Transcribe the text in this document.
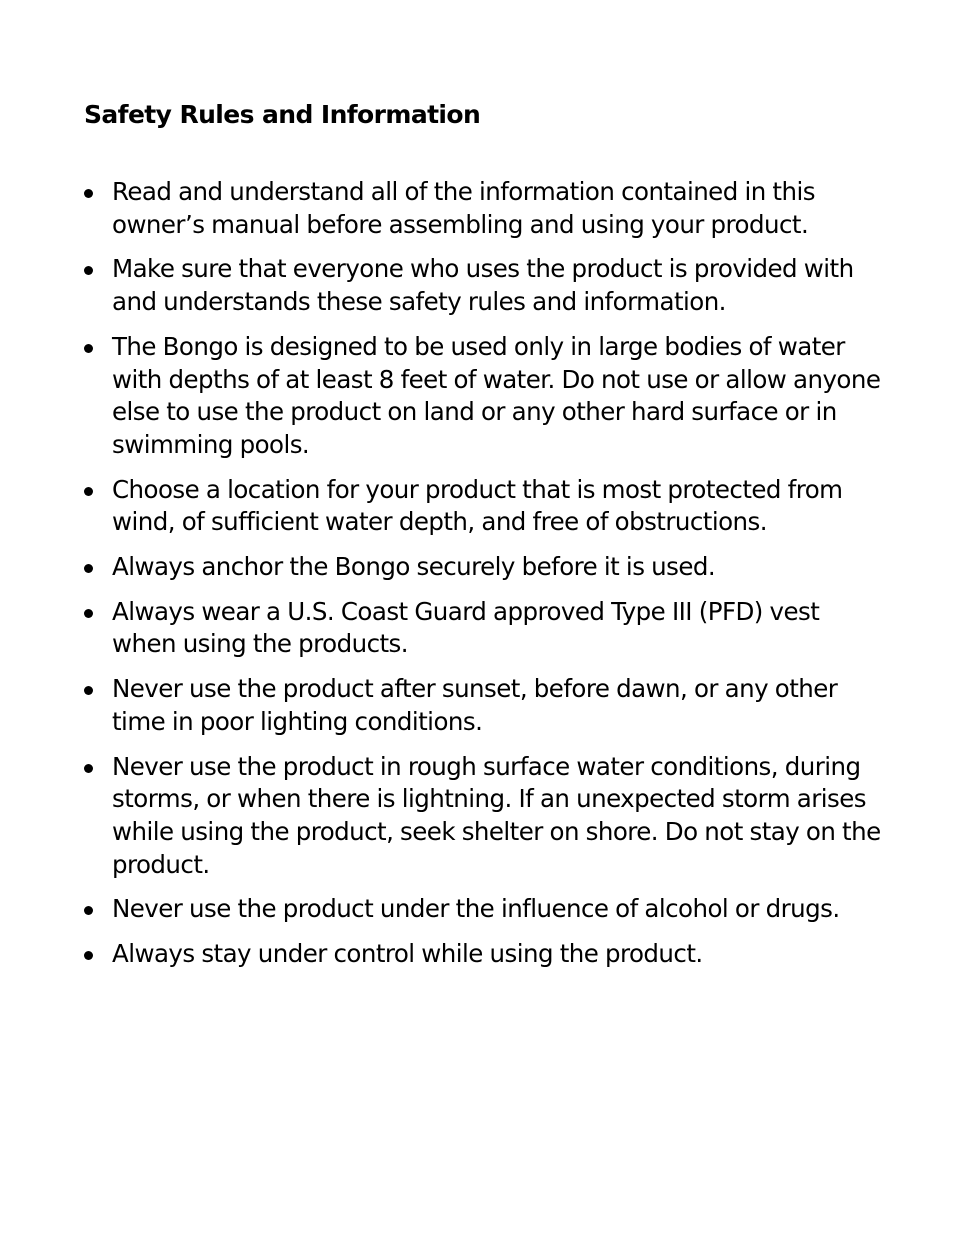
Safety Rules and Information
Read and understand all of the information contained in this owner’s manual before assembling and using your product.
Make sure that everyone who uses the product is provided with and understands these safety rules and information.
The Bongo is designed to be used only in large bodies of water with depths of at least 8 feet of water. Do not use or allow anyone else to use the product on land or any other hard surface or in swimming pools.
Choose a location for your product that is most protected from wind, of sufficient water depth, and free of obstructions.
Always anchor the Bongo securely before it is used.
Always wear a U.S. Coast Guard approved Type III (PFD) vest when using the products.
Never use the product after sunset, before dawn, or any other time in poor lighting conditions.
Never use the product in rough surface water conditions, during storms, or when there is lightning. If an unexpected storm arises while using the product, seek shelter on shore. Do not stay on the product.
Never use the product under the influence of alcohol or drugs.
Always stay under control while using the product.
